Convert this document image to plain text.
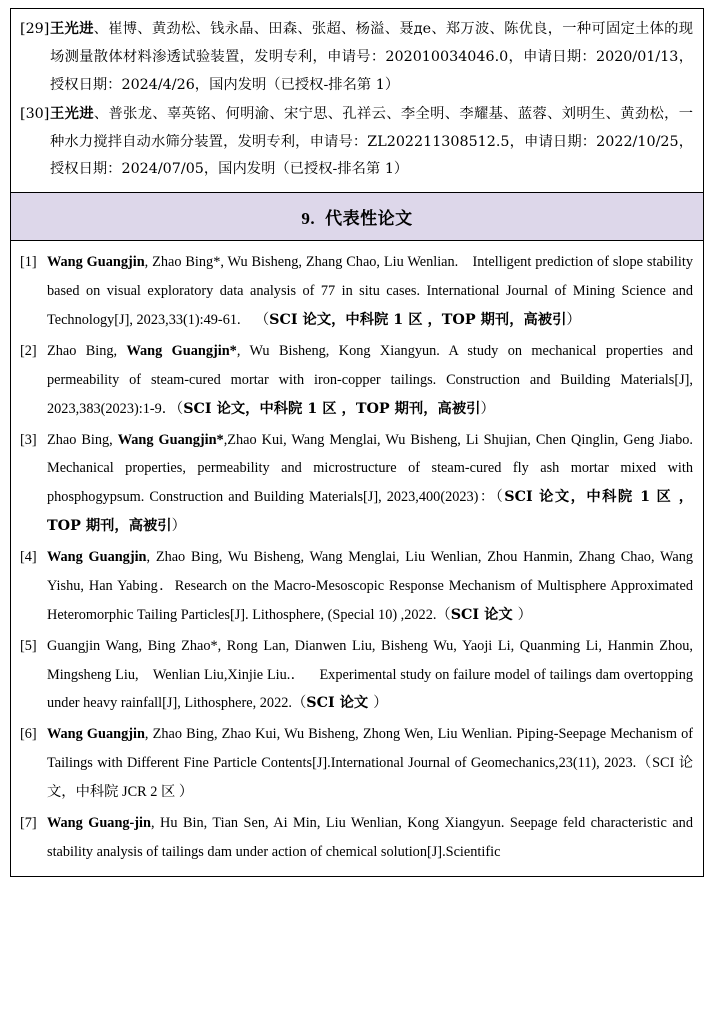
[29] 王光进、崔博、黄劲松、钱永晶、田森、张超、杨溢、聂де、郑万波、陈优良，一种可固定土体的现场测量散体材料渗透试验装置，发明专利，申请号：202010034046.0，申请日期：2020/01/13，授权日期：2024/4/26，国内发明（已授权-排名第 1）
[30] 王光进、普张龙、辜英铭、何明渝、宋宁思、孔祥云、李全明、李耀基、蓝蓉、刘明生、黄劲松，一种水力搅拌自动水筛分装置，发明专利，申请号：ZL202211308512.5，申请日期：2022/10/25，授权日期：2024/07/05，国内发明（已授权-排名第 1）

9. 代表性论文

[1] Wang Guangjin, Zhao Bing*, Wu Bisheng, Zhang Chao, Liu Wenlian. Intelligent prediction of slope stability based on visual exploratory data analysis of 77 in situ cases. International Journal of Mining Science and Technology[J], 2023,33(1):49-61. （SCI 论文，中科院 1 区 ，TOP 期刊，高被引）
[2] Zhao Bing, Wang Guangjin*, Wu Bisheng, Kong Xiangyun. A study on mechanical properties and permeability of steam-cured mortar with iron-copper tailings. Construction and Building Materials[J], 2023,383(2023):1-9．（SCI 论文，中科院 1 区 ，TOP 期刊，高被引）
[3] Zhao Bing, Wang Guangjin*,Zhao Kui, Wang Menglai, Wu Bisheng, Li Shujian, Chen Qinglin, Geng Jiabo. Mechanical properties, permeability and microstructure of steam-cured fly ash mortar mixed with phosphogypsum. Construction and Building Materials[J], 2023,400(2023)：（SCI 论文，中科院 1 区 ，TOP 期刊，高被引）
[4] Wang Guangjin, Zhao Bing, Wu Bisheng, Wang Menglai, Liu Wenlian, Zhou Hanmin, Zhang Chao, Wang Yishu, Han Yabing．Research on the Macro-Mesoscopic Response Mechanism of Multisphere Approximated Heteromorphic Tailing Particles[J]. Lithosphere, (Special 10) ,2022.（SCI 论文 ）
[5] Guangjin Wang, Bing Zhao*, Rong Lan, Dianwen Liu, Bisheng Wu, Yaoji Li, Quanming Li, Hanmin Zhou, Mingsheng Liu, Wenlian Liu,Xinjie Liu.． Experimental study on failure model of tailings dam overtopping under heavy rainfall[J], Lithosphere, 2022.（SCI 论文 ）
[6] Wang Guangjin, Zhao Bing, Zhao Kui, Wu Bisheng, Zhong Wen, Liu Wenlian. Piping-Seepage Mechanism of Tailings with Different Fine Particle Contents[J].International Journal of Geomechanics,23(11), 2023.（SCI 论文，中科院 JCR 2 区 ）
[7] Wang Guang-jin, Hu Bin, Tian Sen, Ai Min, Liu Wenlian, Kong Xiangyun. Seepage feld characteristic and stability analysis of tailings dam under action of chemical solution[J].Scientific
